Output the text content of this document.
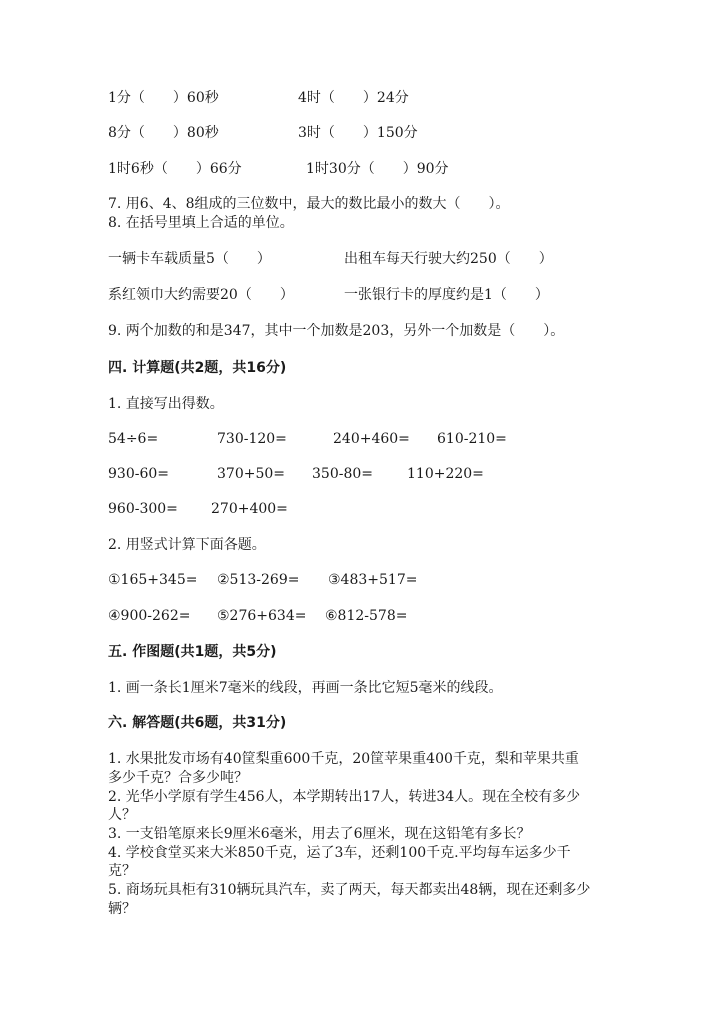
1分（　　）60秒	4时（　　）24分
8分（　　）80秒	3时（　　）150分
1时6秒（　　）66分	1时30分（　　）90分
7. 用6、4、8组成的三位数中，最大的数比最小的数大（　　）。
8. 在括号里填上合适的单位。
一辆卡车载质量5（　　）	出租车每天行驶大约250（　　）
系红领巾大约需要20（　　）	一张银行卡的厚度约是1（　　）
9. 两个加数的和是347，其中一个加数是203，另外一个加数是（　　）。
四. 计算题(共2题，共16分)
1. 直接写出得数。
54÷6=	730-120=	240+460= 610-210=
930-60=	370+50= 350-80= 110+220=
960-300= 270+400=
2. 用竖式计算下面各题。
①165+345= ②513-269= ③483+517=
④900-262= ⑤276+634= ⑥812-578=
五. 作图题(共1题，共5分)
1. 画一条长1厘米7毫米的线段，再画一条比它短5毫米的线段。
六. 解答题(共6题，共31分)
1. 水果批发市场有40筐梨重600千克，20筐苹果重400千克，梨和苹果共重
多少千克？合多少吨？
2. 光华小学原有学生456人，本学期转出17人，转进34人。现在全校有多少
人？
3. 一支铅笔原来长9厘米6毫米，用去了6厘米，现在这铅笔有多长？
4. 学校食堂买来大米850千克，运了3车，还剩100千克.平均每车运多少千
克？
5. 商场玩具柜有310辆玩具汽车，卖了两天，每天都卖出48辆，现在还剩多少
辆？
